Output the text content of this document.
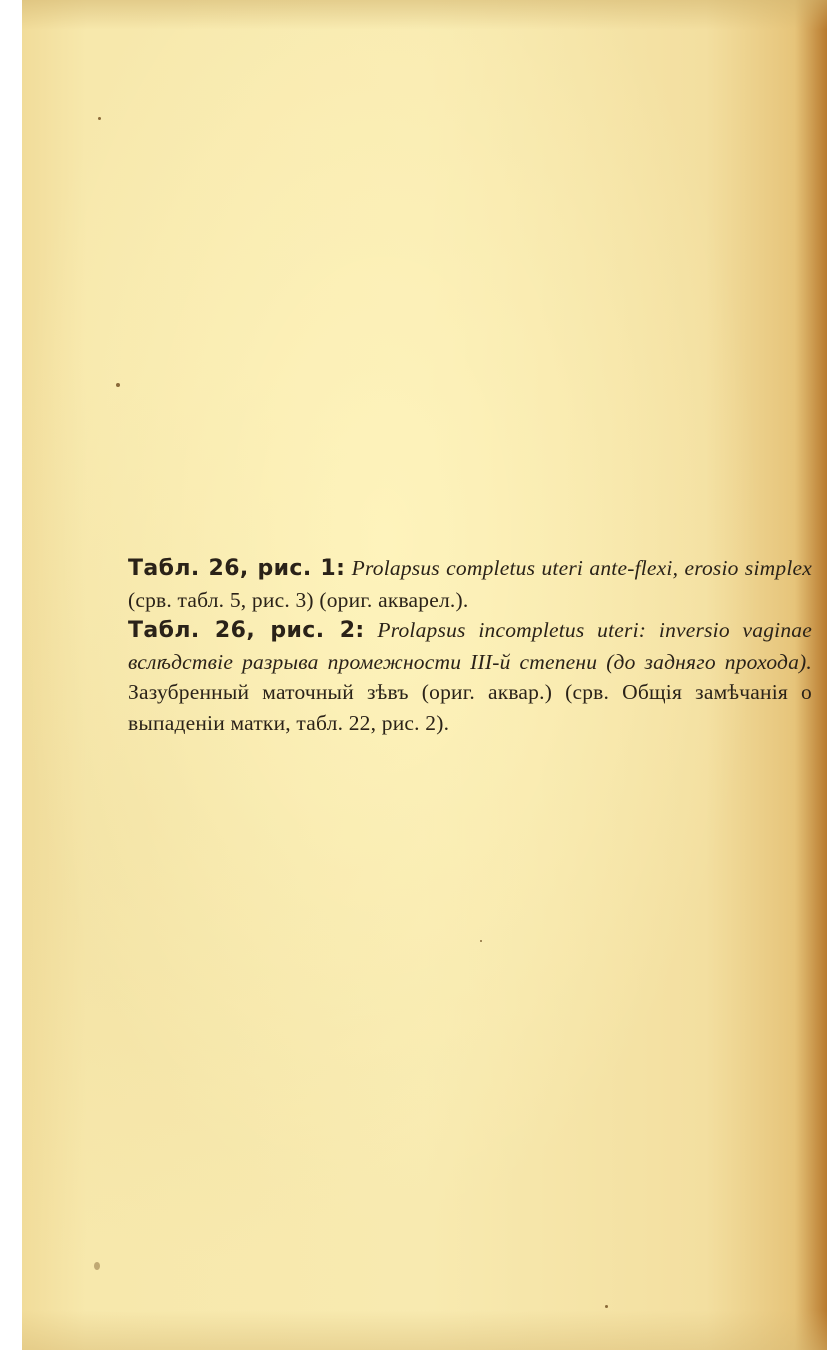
Табл. 26, рис. 1: Prolapsus completus uteri ante-flexi, erosio simplex (срв. табл. 5, рис. 3) (ориг. акварел.).

Табл. 26, рис. 2: Prolapsus incompletus uteri: inversio vaginae вслѣдствіе разрыва промежности III-й степени (до задняго прохода). Зазубренный маточный зѣвъ (ориг. аквар.) (срв. Общія замѣчанія о выпаденіи матки, табл. 22, рис. 2).
